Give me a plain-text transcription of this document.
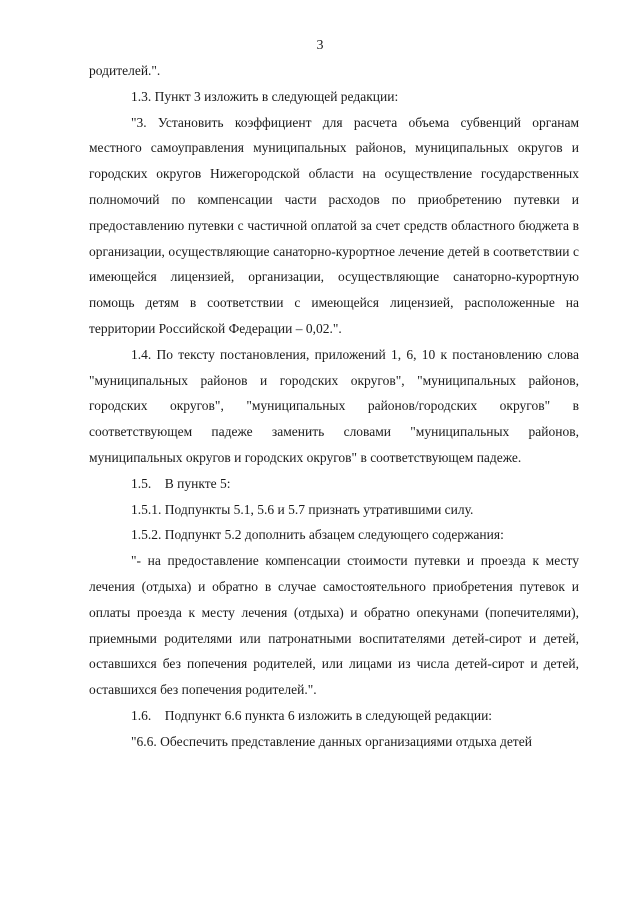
3

родителей.".

1.3. Пункт 3 изложить в следующей редакции:

"3. Установить коэффициент для расчета объема субвенций органам местного самоуправления муниципальных районов, муниципальных округов и городских округов Нижегородской области на осуществление государственных полномочий по компенсации части расходов по приобретению путевки и предоставлению путевки с частичной оплатой за счет средств областного бюджета в организации, осуществляющие санаторно-курортное лечение детей в соответствии с имеющейся лицензией, организации, осуществляющие санаторно-курортную помощь детям в соответствии с имеющейся лицензией, расположенные на территории Российской Федерации – 0,02.".

1.4. По тексту постановления, приложений 1, 6, 10 к постановлению слова "муниципальных районов и городских округов", "муниципальных районов, городских округов", "муниципальных районов/городских округов" в соответствующем падеже заменить словами "муниципальных районов, муниципальных округов и городских округов" в соответствующем падеже.

1.5.    В пункте 5:

1.5.1. Подпункты 5.1, 5.6 и 5.7 признать утратившими силу.

1.5.2. Подпункт 5.2 дополнить абзацем следующего содержания:

"- на предоставление компенсации стоимости путевки и проезда к месту лечения (отдыха) и обратно в случае самостоятельного приобретения путевок и оплаты проезда к месту лечения (отдыха) и обратно опекунами (попечителями), приемными родителями или патронатными воспитателями детей-сирот и детей, оставшихся без попечения родителей, или лицами из числа детей-сирот и детей, оставшихся без попечения родителей.".

1.6.    Подпункт 6.6 пункта 6 изложить в следующей редакции:

"6.6. Обеспечить представление данных организациями отдыха детей
